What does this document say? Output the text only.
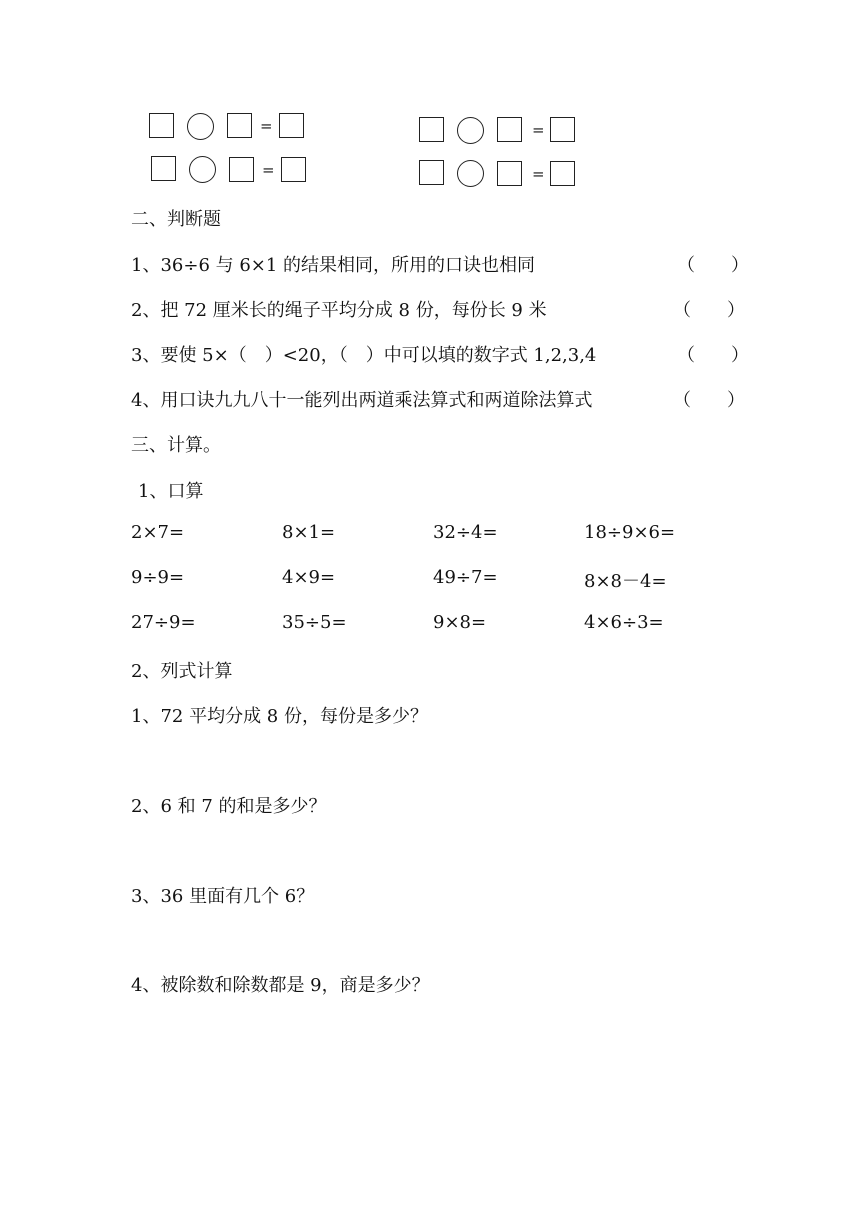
=
=
=
=
二、判断题
1、36÷6 与 6×1 的结果相同，所用的口诀也相同	（　　）
2、把 72 厘米长的绳子平均分成 8 份，每份长 9 米	（　　）
3、要使 5×（　）<20，（　）中可以填的数字式 1,2,3,4	（　　）
4、用口诀九九八十一能列出两道乘法算式和两道除法算式	（　　）
三、计算。
1、口算
2×7=	8×1=	32÷4=	18÷9×6=
9÷9=	4×9=	49÷7=	8×8－4=
27÷9=	35÷5=	9×8=	4×6÷3=
2、列式计算
1、72 平均分成 8 份，每份是多少？
2、6 和 7 的和是多少？
3、36 里面有几个 6？
4、被除数和除数都是 9，商是多少？
